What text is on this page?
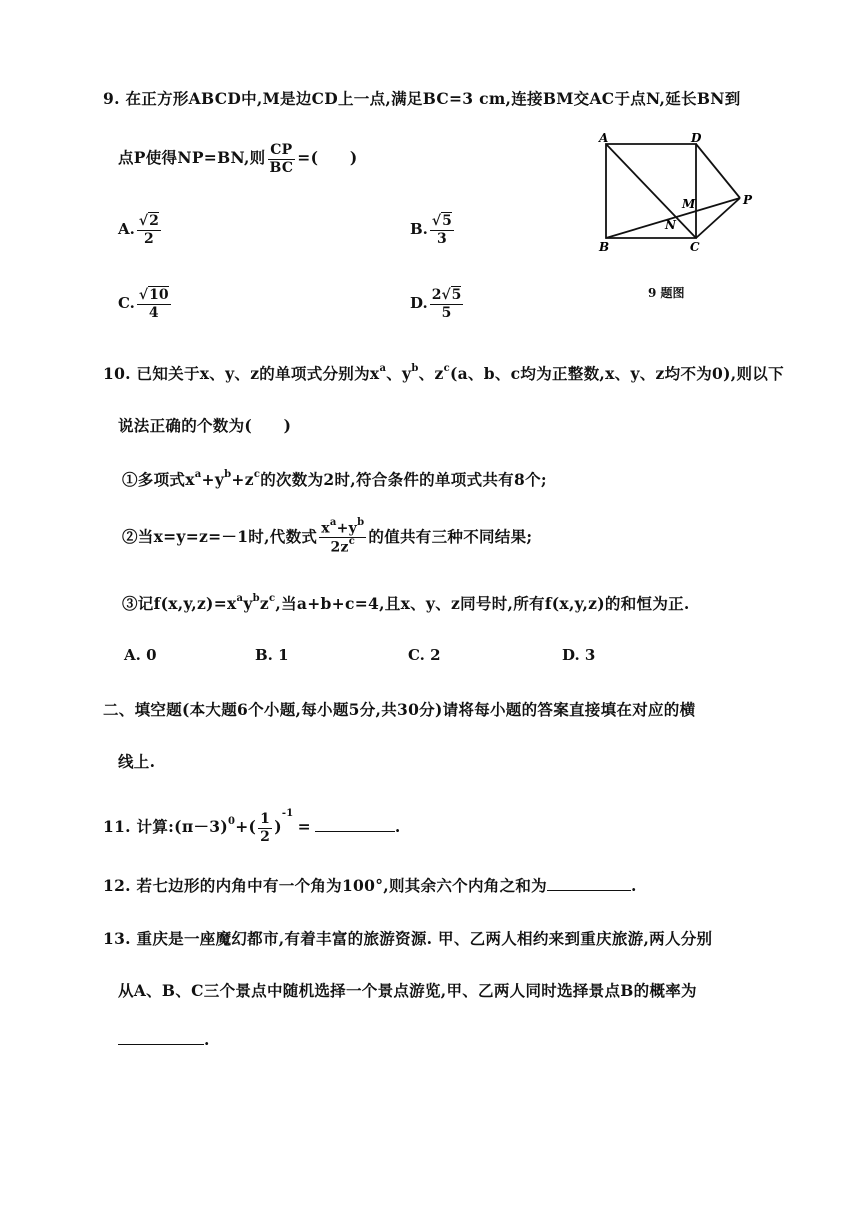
9. 在正方形ABCD中,M是边CD上一点,满足BC=3 cm,连接BM交AC于点N,延长BN到
点P使得NP=BN,则 $\frac{CP}{BC}$ =(　　)
A. $\frac{√2}{2}$	B. $\frac{√5}{3}$
C. $\frac{√10}{4}$	D. $\frac{2√5}{5}$
A	D
B	C
M
N
P
9 题图
10. 已知关于x、y、z的单项式分别为$x^a$、$y^b$、$z^c(a$、b、c均为正整数,x、y、z均不为0),则以下
说法正确的个数为(　　)
①多项式$x^a+y^b+z^c$的次数为2时,符合条件的单项式共有8个;
②当x=y=z=－1时,代数式 $\frac{x^a+y^b}{2z^c}$ 的值共有三种不同结果;
③记$f(x,y,z)=x^ay^bz^c$,当a+b+c=4,且x、y、z同号时,所有f(x,y,z)的和恒为正.
A. 0	B. 1	C. 2	D. 3
二、填空题(本大题6个小题,每小题5分,共30分)请将每小题的答案直接填在对应的横
线上.
11. 计算$:(\pi-3)^0+( \frac{1}{2} )^{-1}=$	.
12. 若七边形的内角中有一个角为100°,则其余六个内角之和为	.
13. 重庆是一座魔幻都市,有着丰富的旅游资源. 甲、乙两人相约来到重庆旅游,两人分别
从A、B、C三个景点中随机选择一个景点游览,甲、乙两人同时选择景点B的概率为
.
